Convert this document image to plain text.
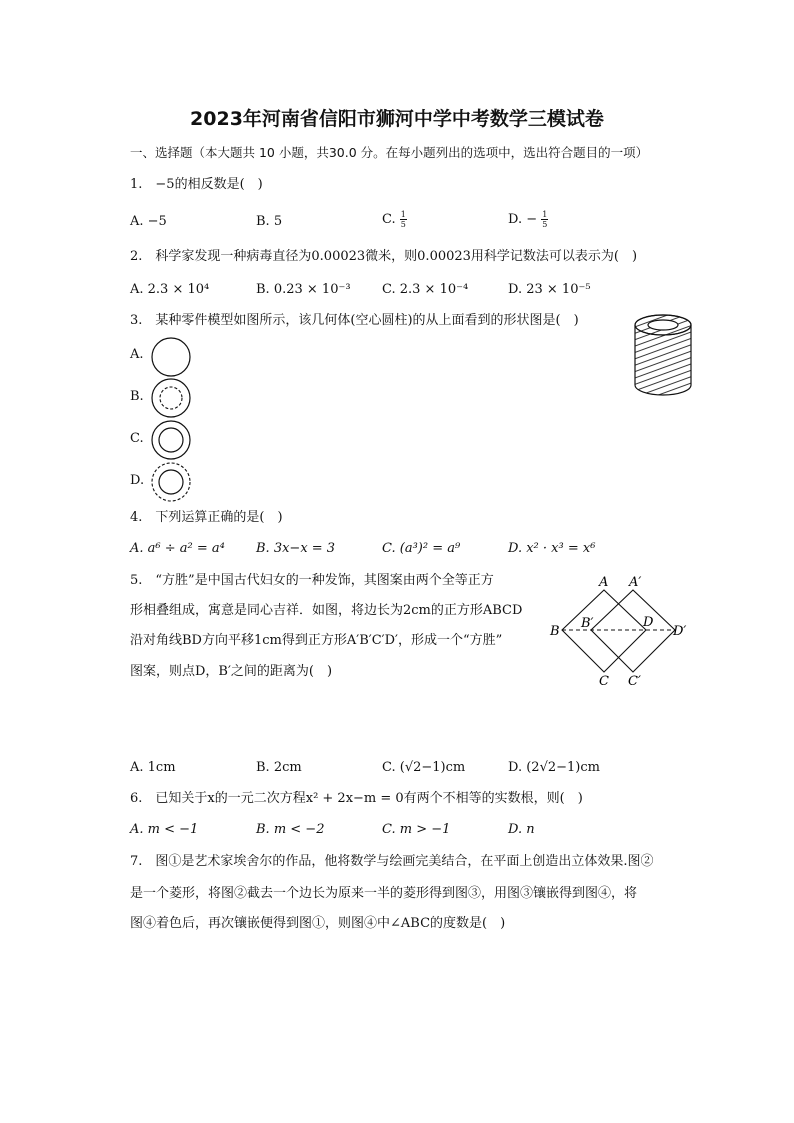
2023年河南省信阳市狮河中学中考数学三模试卷
一、选择题（本大题共 10 小题，共30.0 分。在每小题列出的选项中，选出符合题目的一项）
1.　−5的相反数是(　)
A. −5	B. 5	C. $\frac{1}{5}$	D. − $\frac{1}{5}$
2.　科学家发现一种病毒直径为0.00023微米，则0.00023用科学记数法可以表示为(　)
A. 2.3 × 10⁴	B. 0.23 × 10⁻³ C. 2.3 × 10⁻⁴	D. 23 × 10⁻⁵
3.　某种零件模型如图所示，该几何体(空心圆柱)的从上面看到的形状图是(　)
A.
B.
C.
D.
4.　下列运算正确的是(　)
A. a⁶ ÷ a² = a⁴ B. 3x−x = 3	C. (a³)² = a⁹	D. x² · x³ = x⁶
5.　“方胜”是中国古代妇女的一种发饰，其图案由两个全等正方
形相叠组成，寓意是同心吉祥．如图，将边长为2cm的正方形ABCD
沿对角线BD方向平移1cm得到正方形A′B′C′D′，形成一个“方胜”
图案，则点D，B′之间的距离为(　)
A A′
B
B′	D
D′
C C′
A. 1cm	B. 2cm	C. (√2−1)cm	D. (2√2−1)cm
6.　已知关于x的一元二次方程x² + 2x−m = 0有两个不相等的实数根，则(　)
A. m < −1	B. m < −2	C. m > −1	D. n
7.　图①是艺术家埃舍尔的作品，他将数学与绘画完美结合，在平面上创造出立体效果.图②
是一个菱形，将图②截去一个边长为原来一半的菱形得到图③，用图③镶嵌得到图④，将
图④着色后，再次镶嵌便得到图①，则图④中∠ABC的度数是(　)
